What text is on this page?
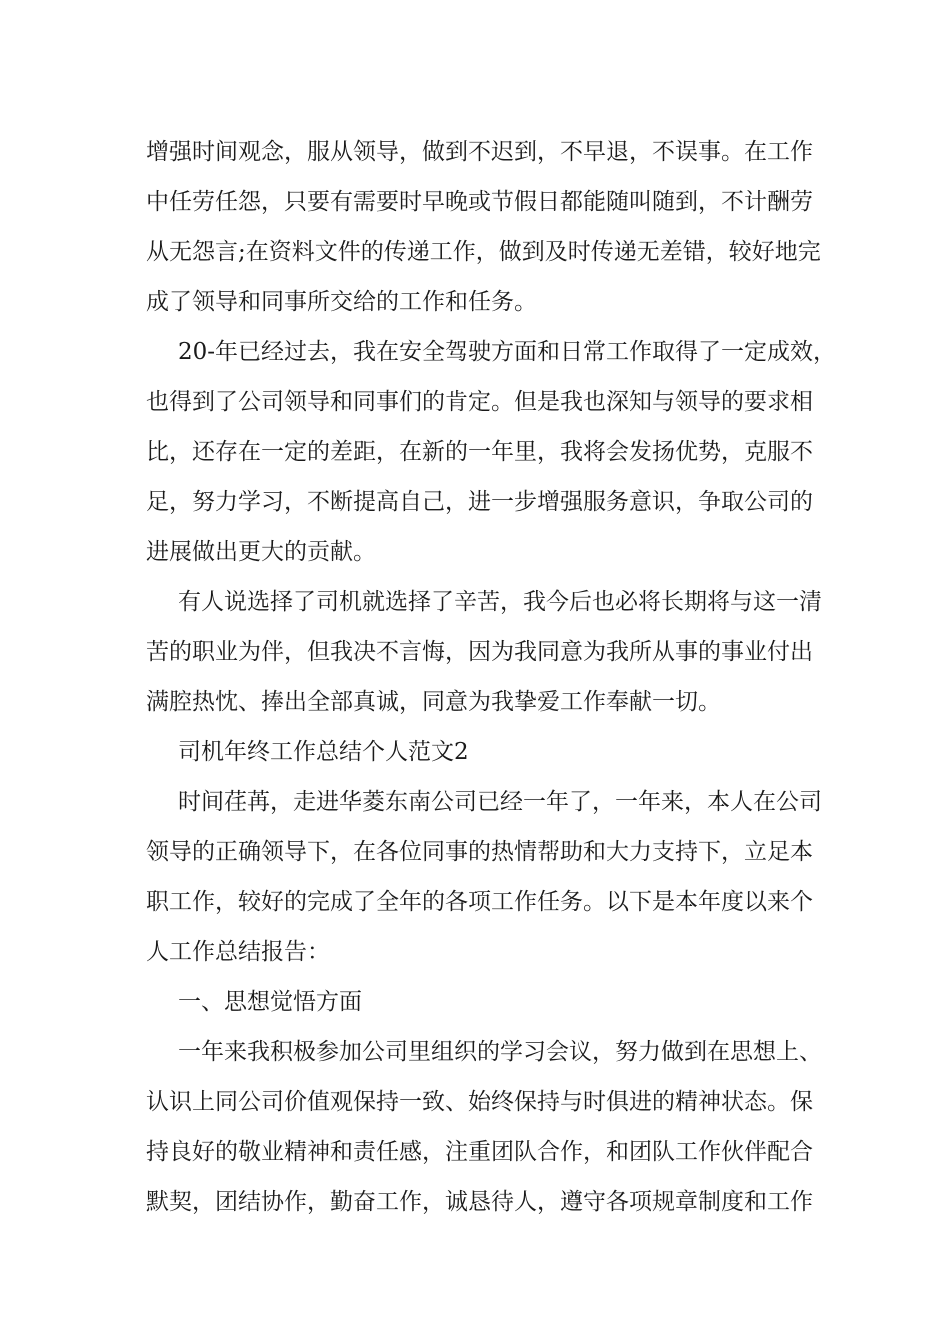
增强时间观念，服从领导，做到不迟到，不早退，不误事。在工作
中任劳任怨，只要有需要时早晚或节假日都能随叫随到，不计酬劳
从无怨言;在资料文件的传递工作，做到及时传递无差错，较好地完
成了领导和同事所交给的工作和任务。
20-年已经过去，我在安全驾驶方面和日常工作取得了一定成效，
也得到了公司领导和同事们的肯定。但是我也深知与领导的要求相
比，还存在一定的差距，在新的一年里，我将会发扬优势，克服不
足，努力学习，不断提高自己，进一步增强服务意识，争取公司的
进展做出更大的贡献。
有人说选择了司机就选择了辛苦，我今后也必将长期将与这一清
苦的职业为伴，但我决不言悔，因为我同意为我所从事的事业付出
满腔热忱、捧出全部真诚，同意为我挚爱工作奉献一切。
司机年终工作总结个人范文2
时间荏苒，走进华菱东南公司已经一年了，一年来，本人在公司
领导的正确领导下，在各位同事的热情帮助和大力支持下，立足本
职工作，较好的完成了全年的各项工作任务。以下是本年度以来个
人工作总结报告：
一、思想觉悟方面
一年来我积极参加公司里组织的学习会议，努力做到在思想上、
认识上同公司价值观保持一致、始终保持与时俱进的精神状态。保
持良好的敬业精神和责任感，注重团队合作，和团队工作伙伴配合
默契，团结协作，勤奋工作，诚恳待人，遵守各项规章制度和工作
